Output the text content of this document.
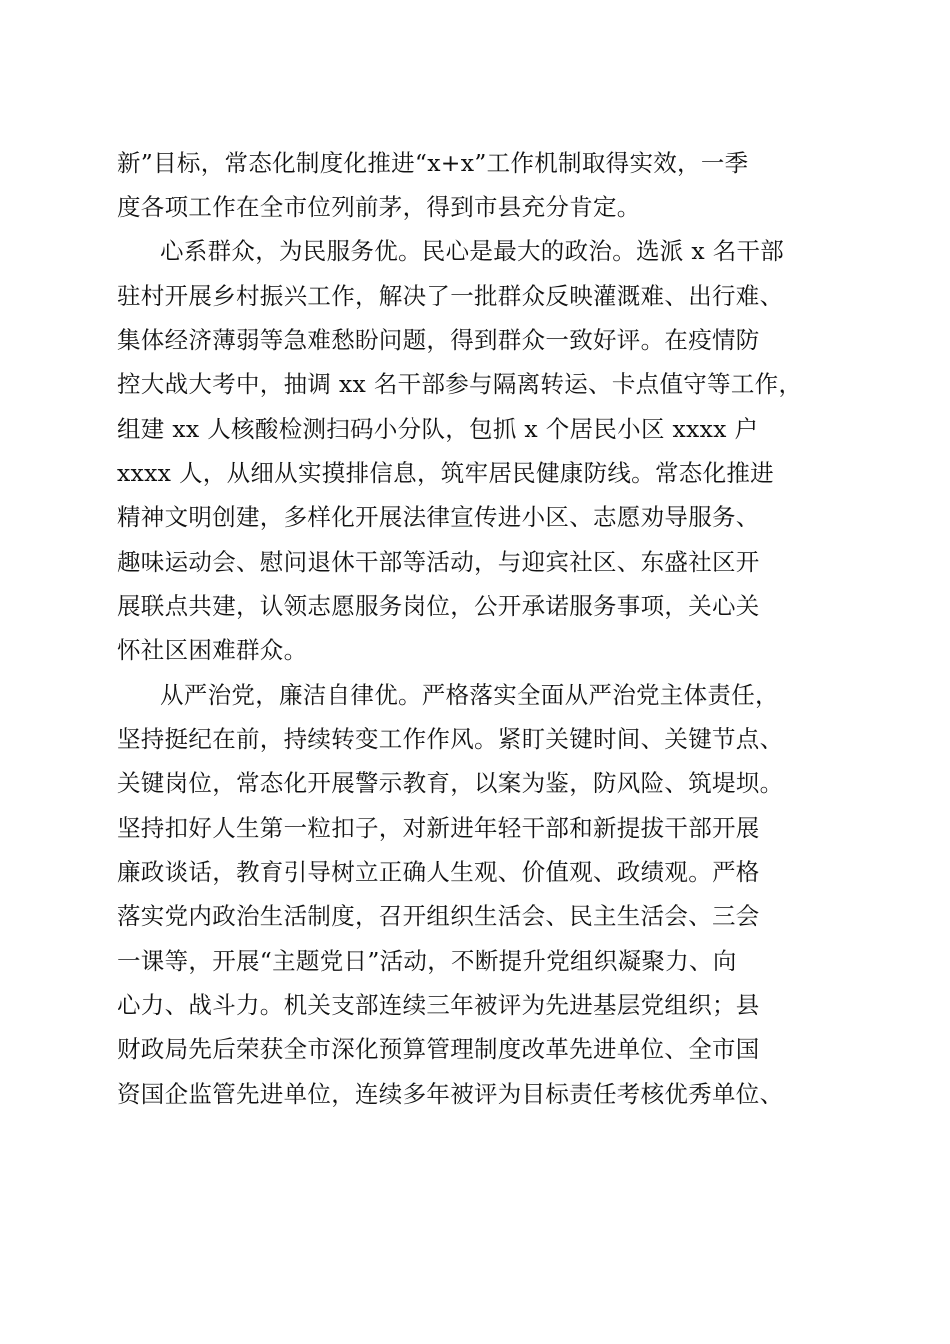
新”目标，常态化制度化推进“x+x”工作机制取得实效，一季
度各项工作在全市位列前茅，得到市县充分肯定。
心系群众，为民服务优。民心是最大的政治。选派 x 名干部
驻村开展乡村振兴工作，解决了一批群众反映灌溉难、出行难、
集体经济薄弱等急难愁盼问题，得到群众一致好评。在疫情防
控大战大考中，抽调 xx 名干部参与隔离转运、卡点值守等工作，
组建 xx 人核酸检测扫码小分队，包抓 x 个居民小区 xxxx 户
xxxx 人，从细从实摸排信息，筑牢居民健康防线。常态化推进
精神文明创建，多样化开展法律宣传进小区、志愿劝导服务、
趣味运动会、慰问退休干部等活动，与迎宾社区、东盛社区开
展联点共建，认领志愿服务岗位，公开承诺服务事项，关心关
怀社区困难群众。
从严治党，廉洁自律优。严格落实全面从严治党主体责任，
坚持挺纪在前，持续转变工作作风。紧盯关键时间、关键节点、
关键岗位，常态化开展警示教育，以案为鉴，防风险、筑堤坝。
坚持扣好人生第一粒扣子，对新进年轻干部和新提拔干部开展
廉政谈话，教育引导树立正确人生观、价值观、政绩观。严格
落实党内政治生活制度，召开组织生活会、民主生活会、三会
一课等，开展“主题党日”活动，不断提升党组织凝聚力、向
心力、战斗力。机关支部连续三年被评为先进基层党组织；县
财政局先后荣获全市深化预算管理制度改革先进单位、全市国
资国企监管先进单位，连续多年被评为目标责任考核优秀单位、
